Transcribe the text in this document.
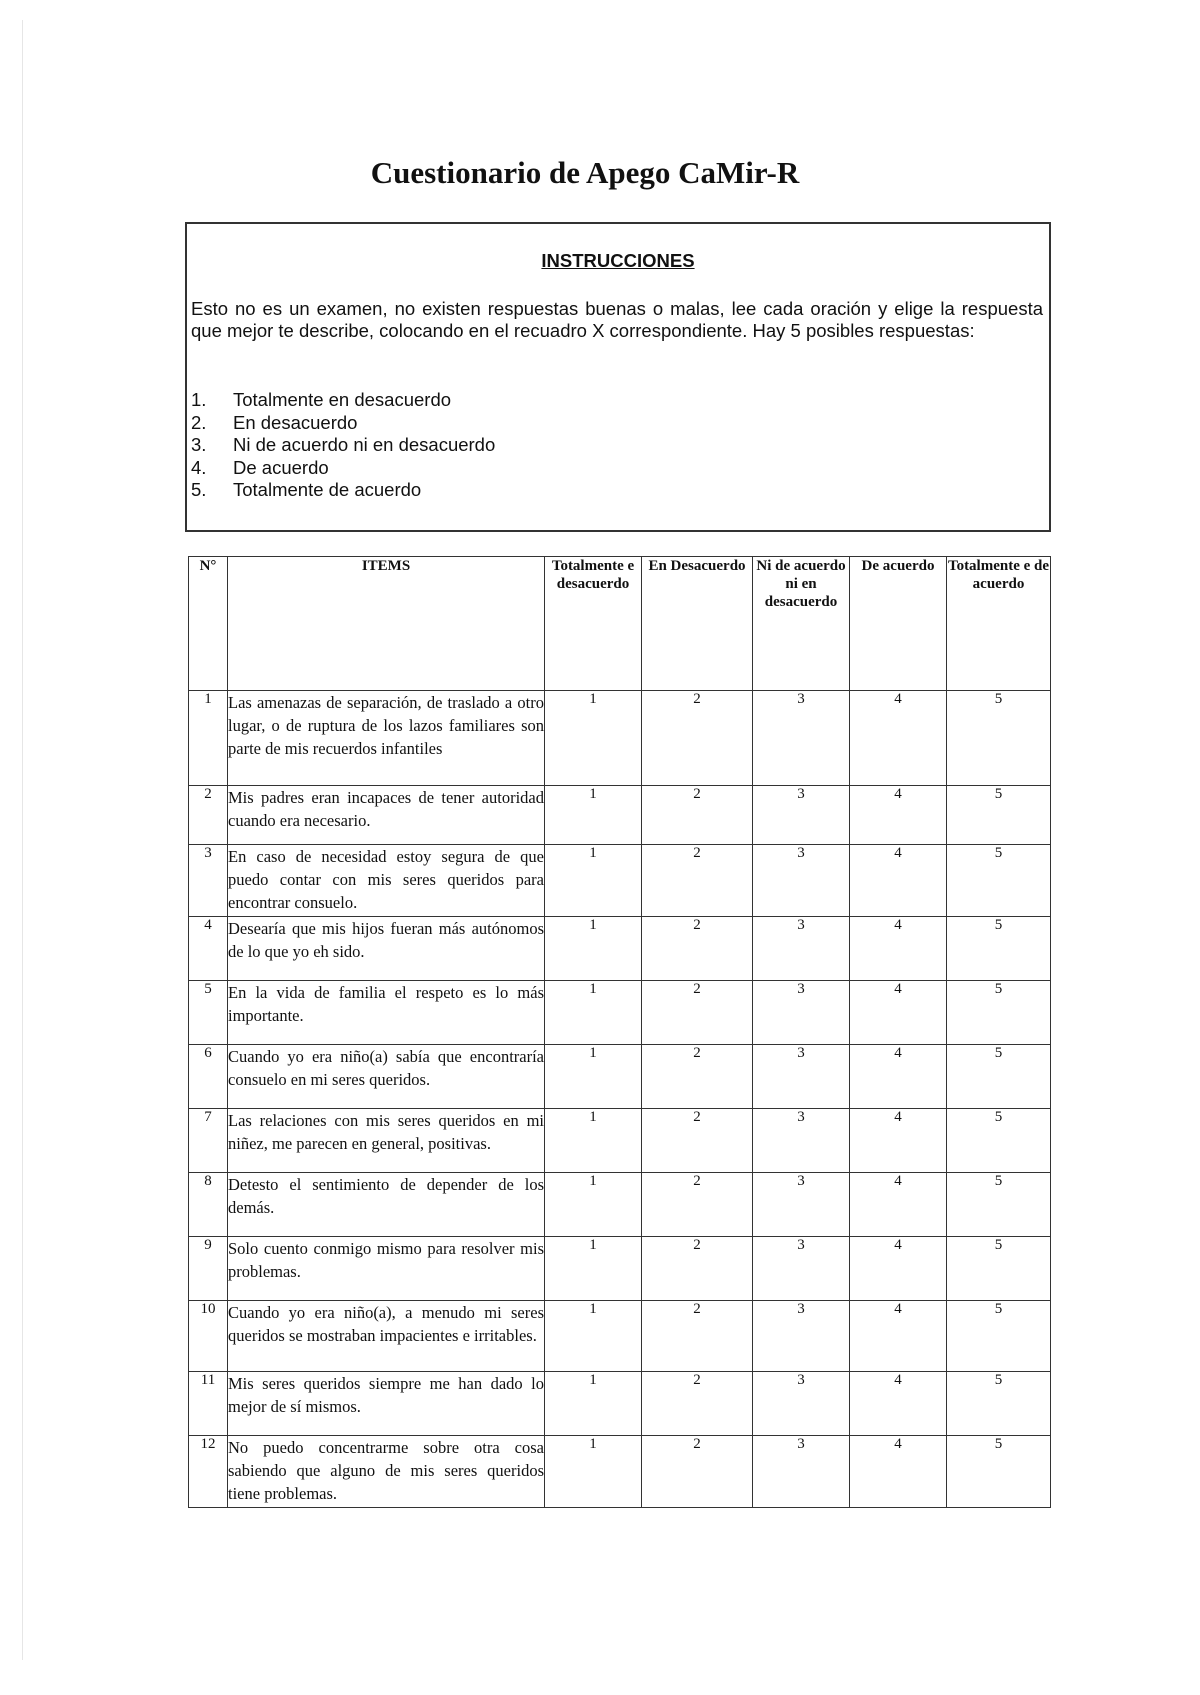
Cuestionario de Apego CaMir-R
INSTRUCCIONES
Esto no es un examen, no existen respuestas buenas o malas, lee cada oración y elige la respuesta que mejor te describe, colocando en el recuadro X correspondiente. Hay 5 posibles respuestas:
1.	Totalmente en desacuerdo
2.	En desacuerdo
3.	Ni de acuerdo ni en desacuerdo
4.	De acuerdo
5.	Totalmente de acuerdo
N°	ITEMS	Totalmente e desacuerdo	En Desacuerdo	Ni de acuerdo ni en desacuerdo	De acuerdo	Totalmente e de acuerdo
1	Las amenazas de separación, de traslado a otro lugar, o de ruptura de los lazos familiares son parte de mis recuerdos infantiles	1	2	3	4	5
2	Mis padres eran incapaces de tener autoridad cuando era necesario.	1	2	3	4	5
3	En caso de necesidad estoy segura de que puedo contar con mis seres queridos para encontrar consuelo.	1	2	3	4	5
4	Desearía que mis hijos fueran más autónomos de lo que yo eh sido.	1	2	3	4	5
5	En la vida de familia el respeto es lo más importante.	1	2	3	4	5
6	Cuando yo era niño(a) sabía que encontraría consuelo en mi seres queridos.	1	2	3	4	5
7	Las relaciones con mis seres queridos en mi niñez, me parecen en general, positivas.	1	2	3	4	5
8	Detesto el sentimiento de depender de los demás.	1	2	3	4	5
9	Solo cuento conmigo mismo para resolver mis problemas.	1	2	3	4	5
10	Cuando yo era niño(a), a menudo mi seres queridos se mostraban impacientes e irritables.	1	2	3	4	5
11	Mis seres queridos siempre me han dado lo mejor de sí mismos.	1	2	3	4	5
12	No puedo concentrarme sobre otra cosa sabiendo que alguno de mis seres queridos tiene problemas.	1	2	3	4	5
